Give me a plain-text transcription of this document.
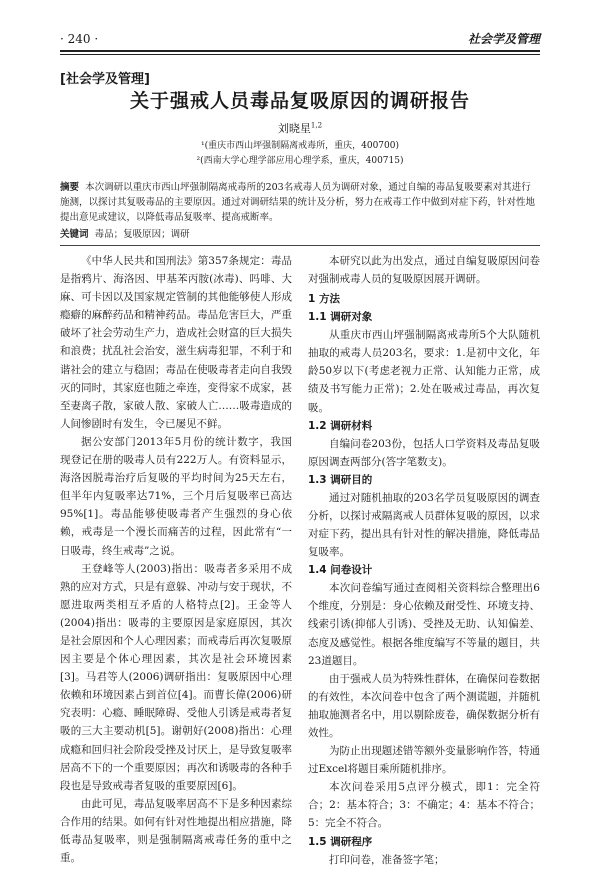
· 240 ·	社会学及管理
[社会学及管理]
关于强戒人员毒品复吸原因的调研报告
刘晓星$^{1,2}$
¹(重庆市西山坪强制隔离戒毒所，重庆，400700)
²(西南大学心理学部应用心理学系，重庆，400715)
摘要 本次调研以重庆市西山坪强制隔离戒毒所的203名戒毒人员为调研对象，通过自编的毒品复吸要素对其进行施测，以探讨其复吸毒品的主要原因。通过对调研结果的统计及分析，努力在戒毒工作中做到对症下药，针对性地提出意见或建议，以降低毒品复吸率、提高戒断率。
关键词 毒品；复吸原因；调研

《中华人民共和国刑法》第357条规定：毒品是指鸦片、海洛因、甲基苯丙胺(冰毒)、吗啡、大麻、可卡因以及国家规定管制的其他能够使人形成瘾癖的麻醉药品和精神药品。毒品危害巨大，严重破坏了社会劳动生产力，造成社会财富的巨大损失和浪费；扰乱社会治安，滋生病毒犯罪，不利于和谐社会的建立与稳固；毒品在使吸毒者走向自我毁灭的同时，其家庭也随之牵连，变得家不成家，甚至妻离子散，家破人散、家破人亡……吸毒造成的人间惨剧时有发生，令已屡见不鲜。

据公安部门2013年5月份的统计数字，我国现登记在册的吸毒人员有222万人。有资料显示，海洛因脱毒治疗后复吸的平均时间为25天左右，但半年内复吸率达71%，三个月后复吸率已高达95%[1]。毒品能够使吸毒者产生强烈的身心依赖，戒毒是一个漫长而痛苦的过程，因此常有“一日吸毒，终生戒毒”之说。

王登峰等人(2003)指出：吸毒者多采用不成熟的应对方式，只是有意躲、冲动与安于现状，不愿进取两类相互矛盾的人格特点[2]。王金等人(2004)指出：吸毒的主要原因是家庭原因，其次是社会原因和个人心理因素；而戒毒后再次复吸原因主要是个体心理因素，其次是社会环境因素[3]。马君等人(2006)调研指出：复吸原因中心理依赖和环境因素占到首位[4]。而曹长偉(2006)研究表明：心瘾、睡眠障碍、受他人引诱是戒毒者复吸的三大主要动机[5]。谢朝好(2008)指出：心理成瘾和回归社会阶段受挫及讨厌上，是导致复吸率居高不下的一个重要原因；再次和诱吸毒的各种手段也是导致戒毒者复吸的重要原因[6]。

由此可见，毒品复吸率居高不下是多种因素综合作用的结果。如何有针对性地提出相应措施，降低毒品复吸率，则是强制隔离戒毒任务的重中之重。

本研究以此为出发点，通过自编复吸原因问卷对强制戒毒人员的复吸原因展开调研。

1 方法
1.1 调研对象

从重庆市西山坪强制隔离戒毒所5个大队随机抽取的戒毒人员203名，要求：1.是初中文化，年龄50岁以下(考虑老视力正常、认知能力正常，成绩及书写能力正常)；2.处在吸戒过毒品，再次复吸。

1.2 调研材料

自编问卷203份，包括人口学资料及毒品复吸原因调查两部分(答字笔数支)。

1.3 调研目的

通过对随机抽取的203名学员复吸原因的调查分析，以探讨戒隔离戒人员群体复吸的原因，以求对症下药，提出具有针对性的解决措施，降低毒品复吸率。

1.4 问卷设计

本次问卷编写通过查阅相关资料综合整理出6个维度，分别是：身心依赖及耐受性、环境支持、线索引诱(抑郁人引诱)、受挫及无助、认知偏差、态度及感觉性。根据各维度编写不等量的题目，共23道题目。

由于强戒人员为特殊性群体，在确保问卷数据的有效性，本次问卷中包含了两个测谎题，并随机抽取施测者名中，用以剔除废卷，确保数据分析有效性。

为防止出现题述错等额外变量影响作答，特通过Excel将题目乘所随机排序。

本次问卷采用5点评分模式，即1：完全符合；2：基本符合；3：不确定；4：基本不符合；5：完全不符合。

1.5 调研程序

打印问卷，准备签字笔；
